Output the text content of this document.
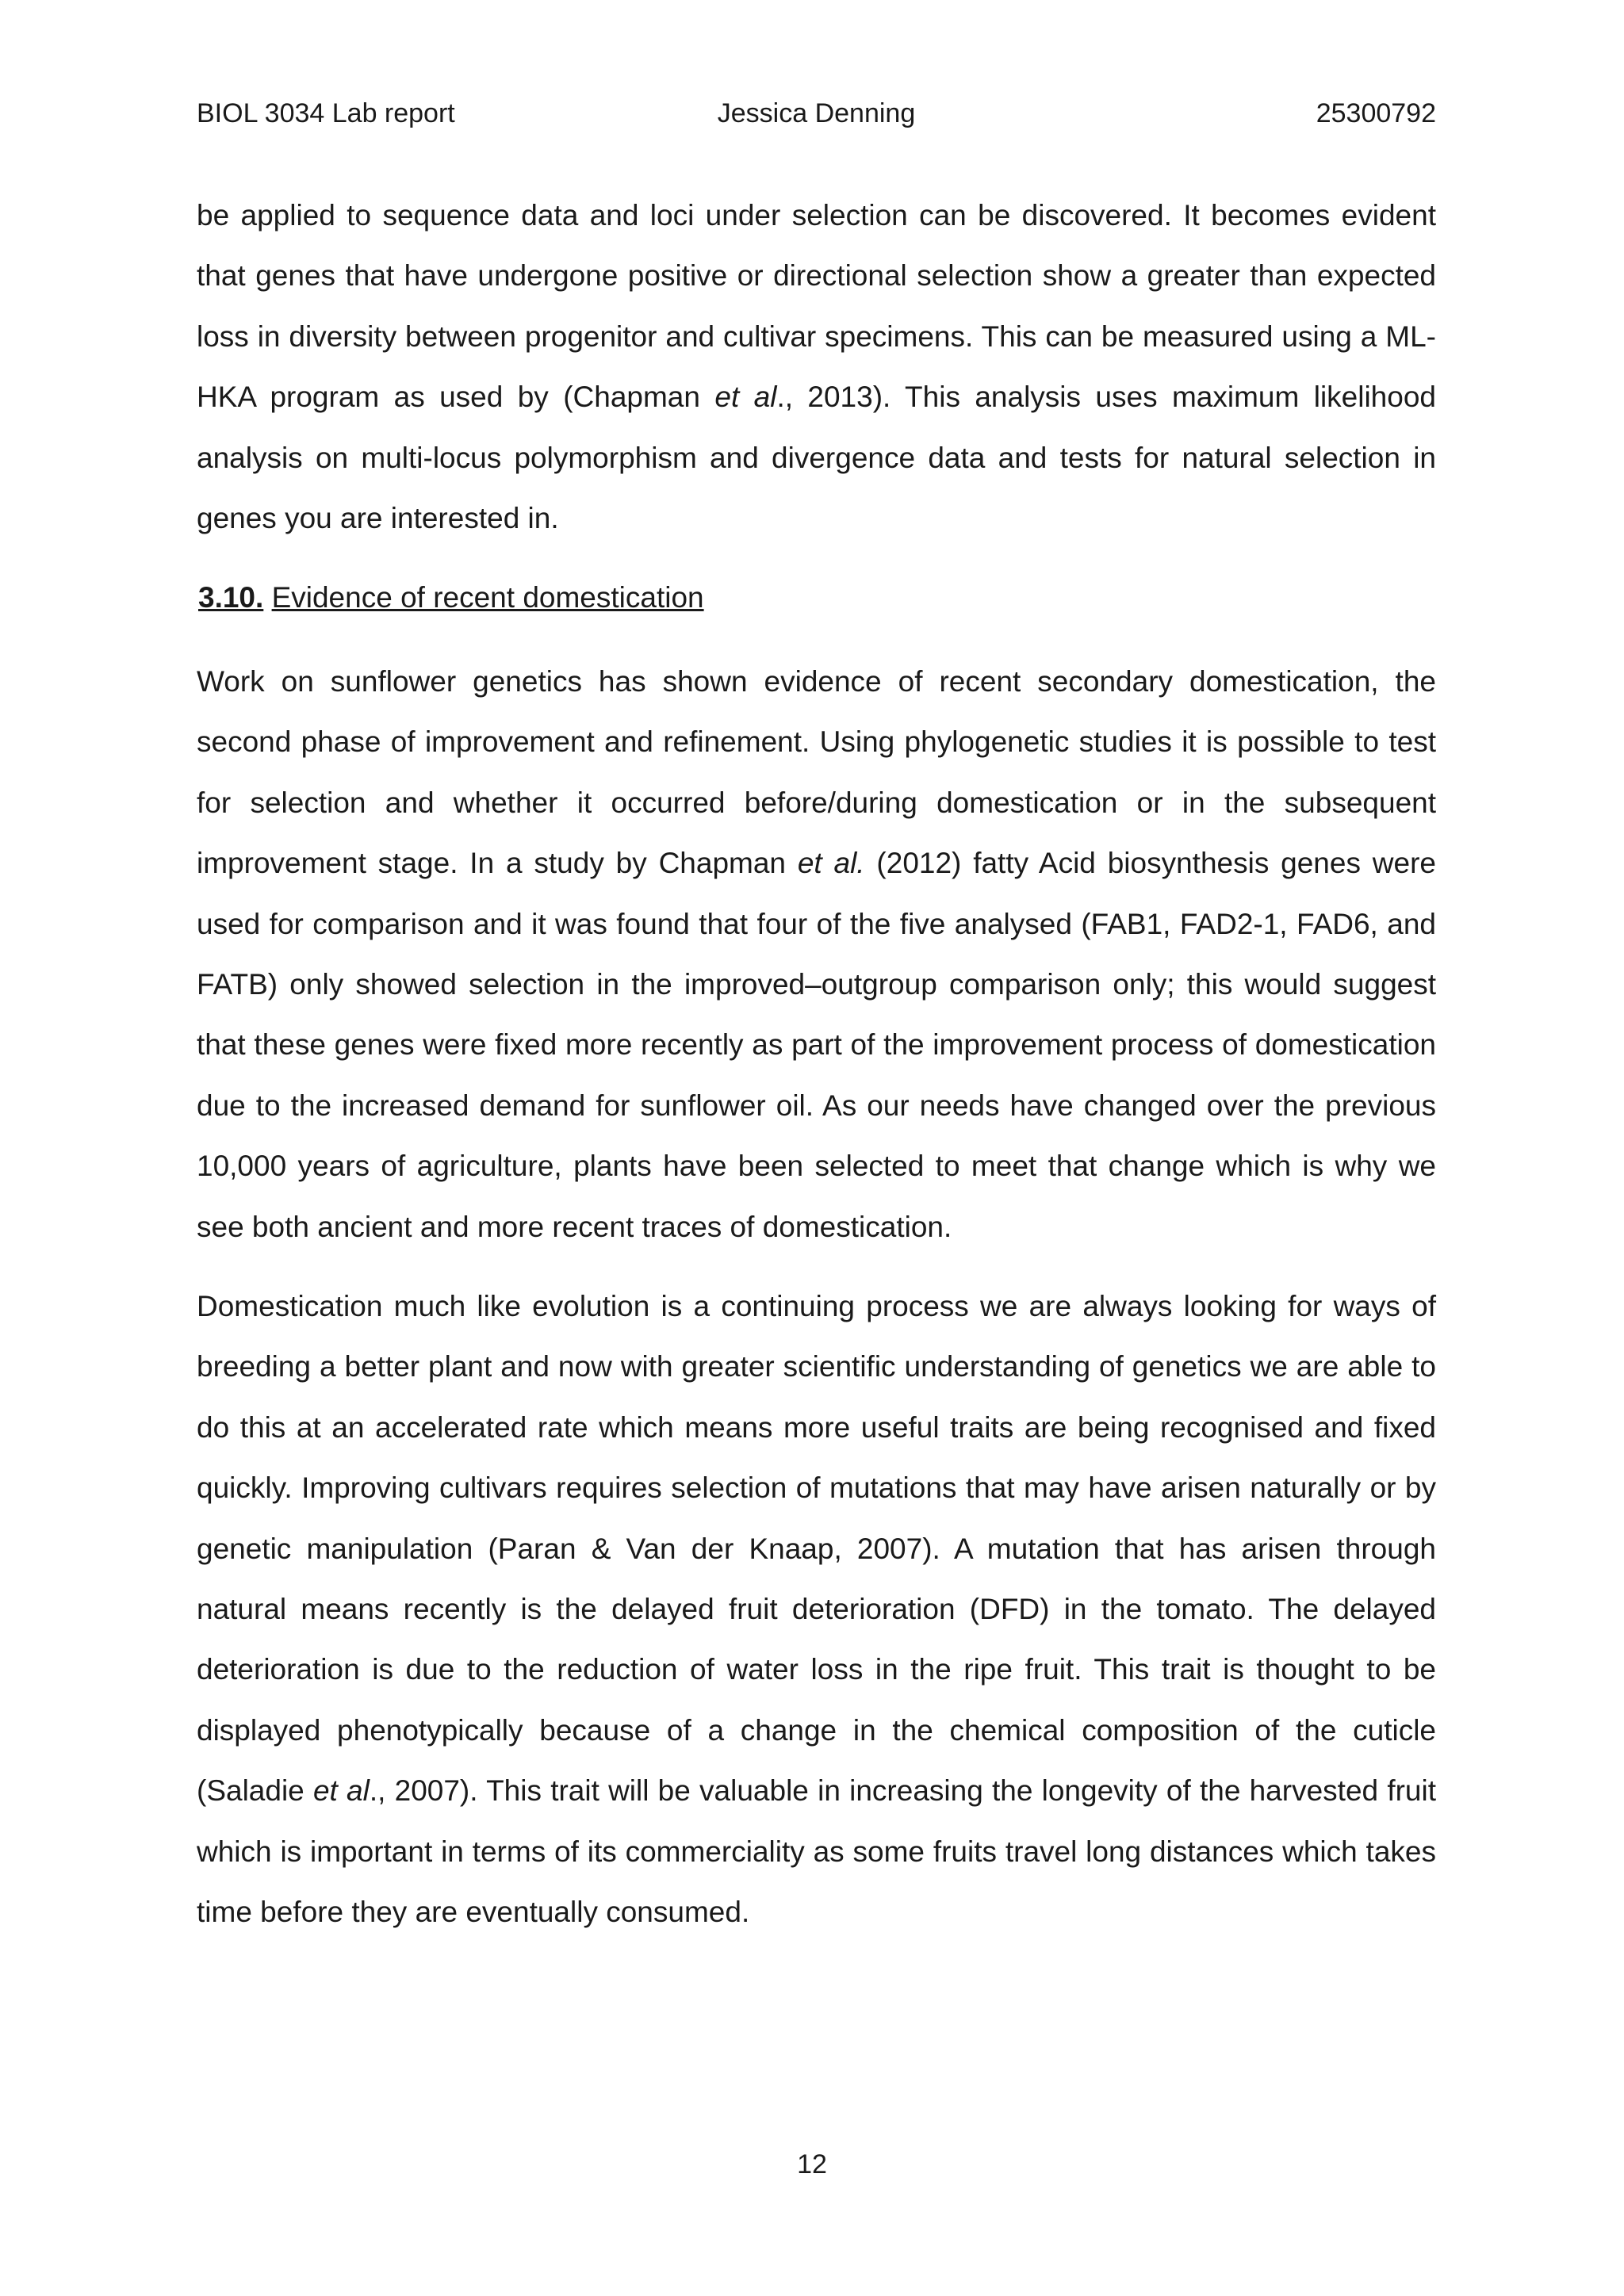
BIOL 3034 Lab report	Jessica Denning	25300792

be applied to sequence data and loci under selection can be discovered. It becomes evident that genes that have undergone positive or directional selection show a greater than expected loss in diversity between progenitor and cultivar specimens. This can be measured using a ML-HKA program as used by (Chapman et al., 2013). This analysis uses maximum likelihood analysis on multi-locus polymorphism and divergence data and tests for natural selection in genes you are interested in.

3.10. Evidence of recent domestication

Work on sunflower genetics has shown evidence of recent secondary domestication, the second phase of improvement and refinement. Using phylogenetic studies it is possible to test for selection and whether it occurred before/during domestication or in the subsequent improvement stage. In a study by Chapman et al. (2012) fatty Acid biosynthesis genes were used for comparison and it was found that four of the five analysed (FAB1, FAD2-1, FAD6, and FATB) only showed selection in the improved–outgroup comparison only; this would suggest that these genes were fixed more recently as part of the improvement process of domestication due to the increased demand for sunflower oil. As our needs have changed over the previous 10,000 years of agriculture, plants have been selected to meet that change which is why we see both ancient and more recent traces of domestication.

Domestication much like evolution is a continuing process we are always looking for ways of breeding a better plant and now with greater scientific understanding of genetics we are able to do this at an accelerated rate which means more useful traits are being recognised and fixed quickly. Improving cultivars requires selection of mutations that may have arisen naturally or by genetic manipulation (Paran & Van der Knaap, 2007). A mutation that has arisen through natural means recently is the delayed fruit deterioration (DFD) in the tomato. The delayed deterioration is due to the reduction of water loss in the ripe fruit. This trait is thought to be displayed phenotypically because of a change in the chemical composition of the cuticle (Saladie et al., 2007). This trait will be valuable in increasing the longevity of the harvested fruit which is important in terms of its commerciality as some fruits travel long distances which takes time before they are eventually consumed.

12
